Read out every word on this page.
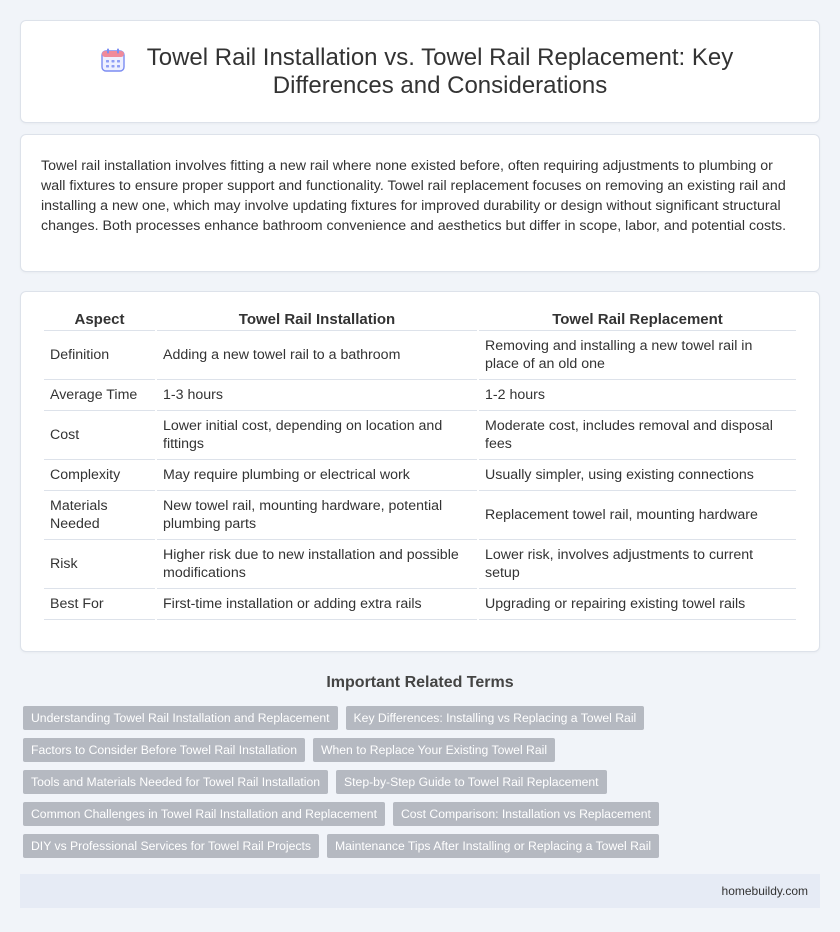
Towel Rail Installation vs. Towel Rail Replacement: Key Differences and Considerations

Towel rail installation involves fitting a new rail where none existed before, often requiring adjustments to plumbing or wall fixtures to ensure proper support and functionality. Towel rail replacement focuses on removing an existing rail and installing a new one, which may involve updating fixtures for improved durability or design without significant structural changes. Both processes enhance bathroom convenience and aesthetics but differ in scope, labor, and potential costs.

Aspect	Towel Rail Installation	Towel Rail Replacement
Definition	Adding a new towel rail to a bathroom	Removing and installing a new towel rail in place of an old one
Average Time	1-3 hours	1-2 hours
Cost	Lower initial cost, depending on location and fittings	Moderate cost, includes removal and disposal fees
Complexity	May require plumbing or electrical work	Usually simpler, using existing connections
Materials Needed	New towel rail, mounting hardware, potential plumbing parts	Replacement towel rail, mounting hardware
Risk	Higher risk due to new installation and possible modifications	Lower risk, involves adjustments to current setup
Best For	First-time installation or adding extra rails	Upgrading or repairing existing towel rails
Important Related Terms
Understanding Towel Rail Installation and Replacement	Key Differences: Installing vs Replacing a Towel Rail
Factors to Consider Before Towel Rail Installation	When to Replace Your Existing Towel Rail
Tools and Materials Needed for Towel Rail Installation	Step-by-Step Guide to Towel Rail Replacement
Common Challenges in Towel Rail Installation and Replacement	Cost Comparison: Installation vs Replacement
DIY vs Professional Services for Towel Rail Projects	Maintenance Tips After Installing or Replacing a Towel Rail
homebuildy.com
